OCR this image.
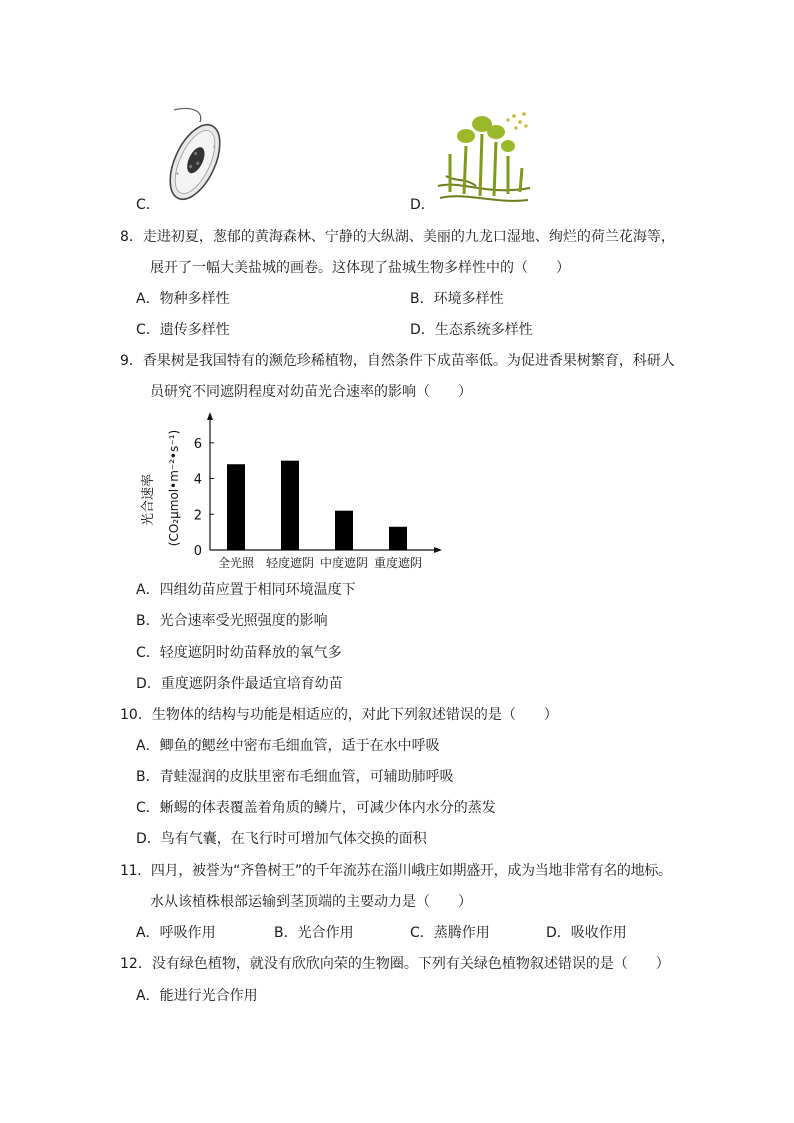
C．	D．
8．走进初夏，葱郁的黄海森林、宁静的大纵湖、美丽的九龙口湿地、绚烂的荷兰花海等，
展开了一幅大美盐城的画卷。这体现了盐城生物多样性中的（　　）
A．物种多样性	B．环境多样性
C．遗传多样性	D．生态系统多样性
9．香果树是我国特有的濒危珍稀植物，自然条件下成苗率低。为促进香果树繁育，科研人
员研究不同遮阴程度对幼苗光合速率的影响（　　）
光合速率 (CO₂μmol•m⁻²•s⁻¹)
0
2
4
6
全光照 轻度遮阴 中度遮阴 重度遮阴
A．四组幼苗应置于相同环境温度下
B．光合速率受光照强度的影响
C．轻度遮阴时幼苗释放的氧气多
D．重度遮阴条件最适宜培育幼苗
10．生物体的结构与功能是相适应的，对此下列叙述错误的是（　　）
A．鲫鱼的鳃丝中密布毛细血管，适于在水中呼吸
B．青蛙湿润的皮肤里密布毛细血管，可辅助肺呼吸
C．蜥蜴的体表覆盖着角质的鳞片，可减少体内水分的蒸发
D．鸟有气囊，在飞行时可增加气体交换的面积
11．四月，被誉为“齐鲁树王”的千年流苏在淄川峨庄如期盛开，成为当地非常有名的地标。
水从该植株根部运输到茎顶端的主要动力是（　　）
A．呼吸作用	B．光合作用	C．蒸腾作用	D．吸收作用
12．没有绿色植物，就没有欣欣向荣的生物圈。下列有关绿色植物叙述错误的是（　　）
A．能进行光合作用
